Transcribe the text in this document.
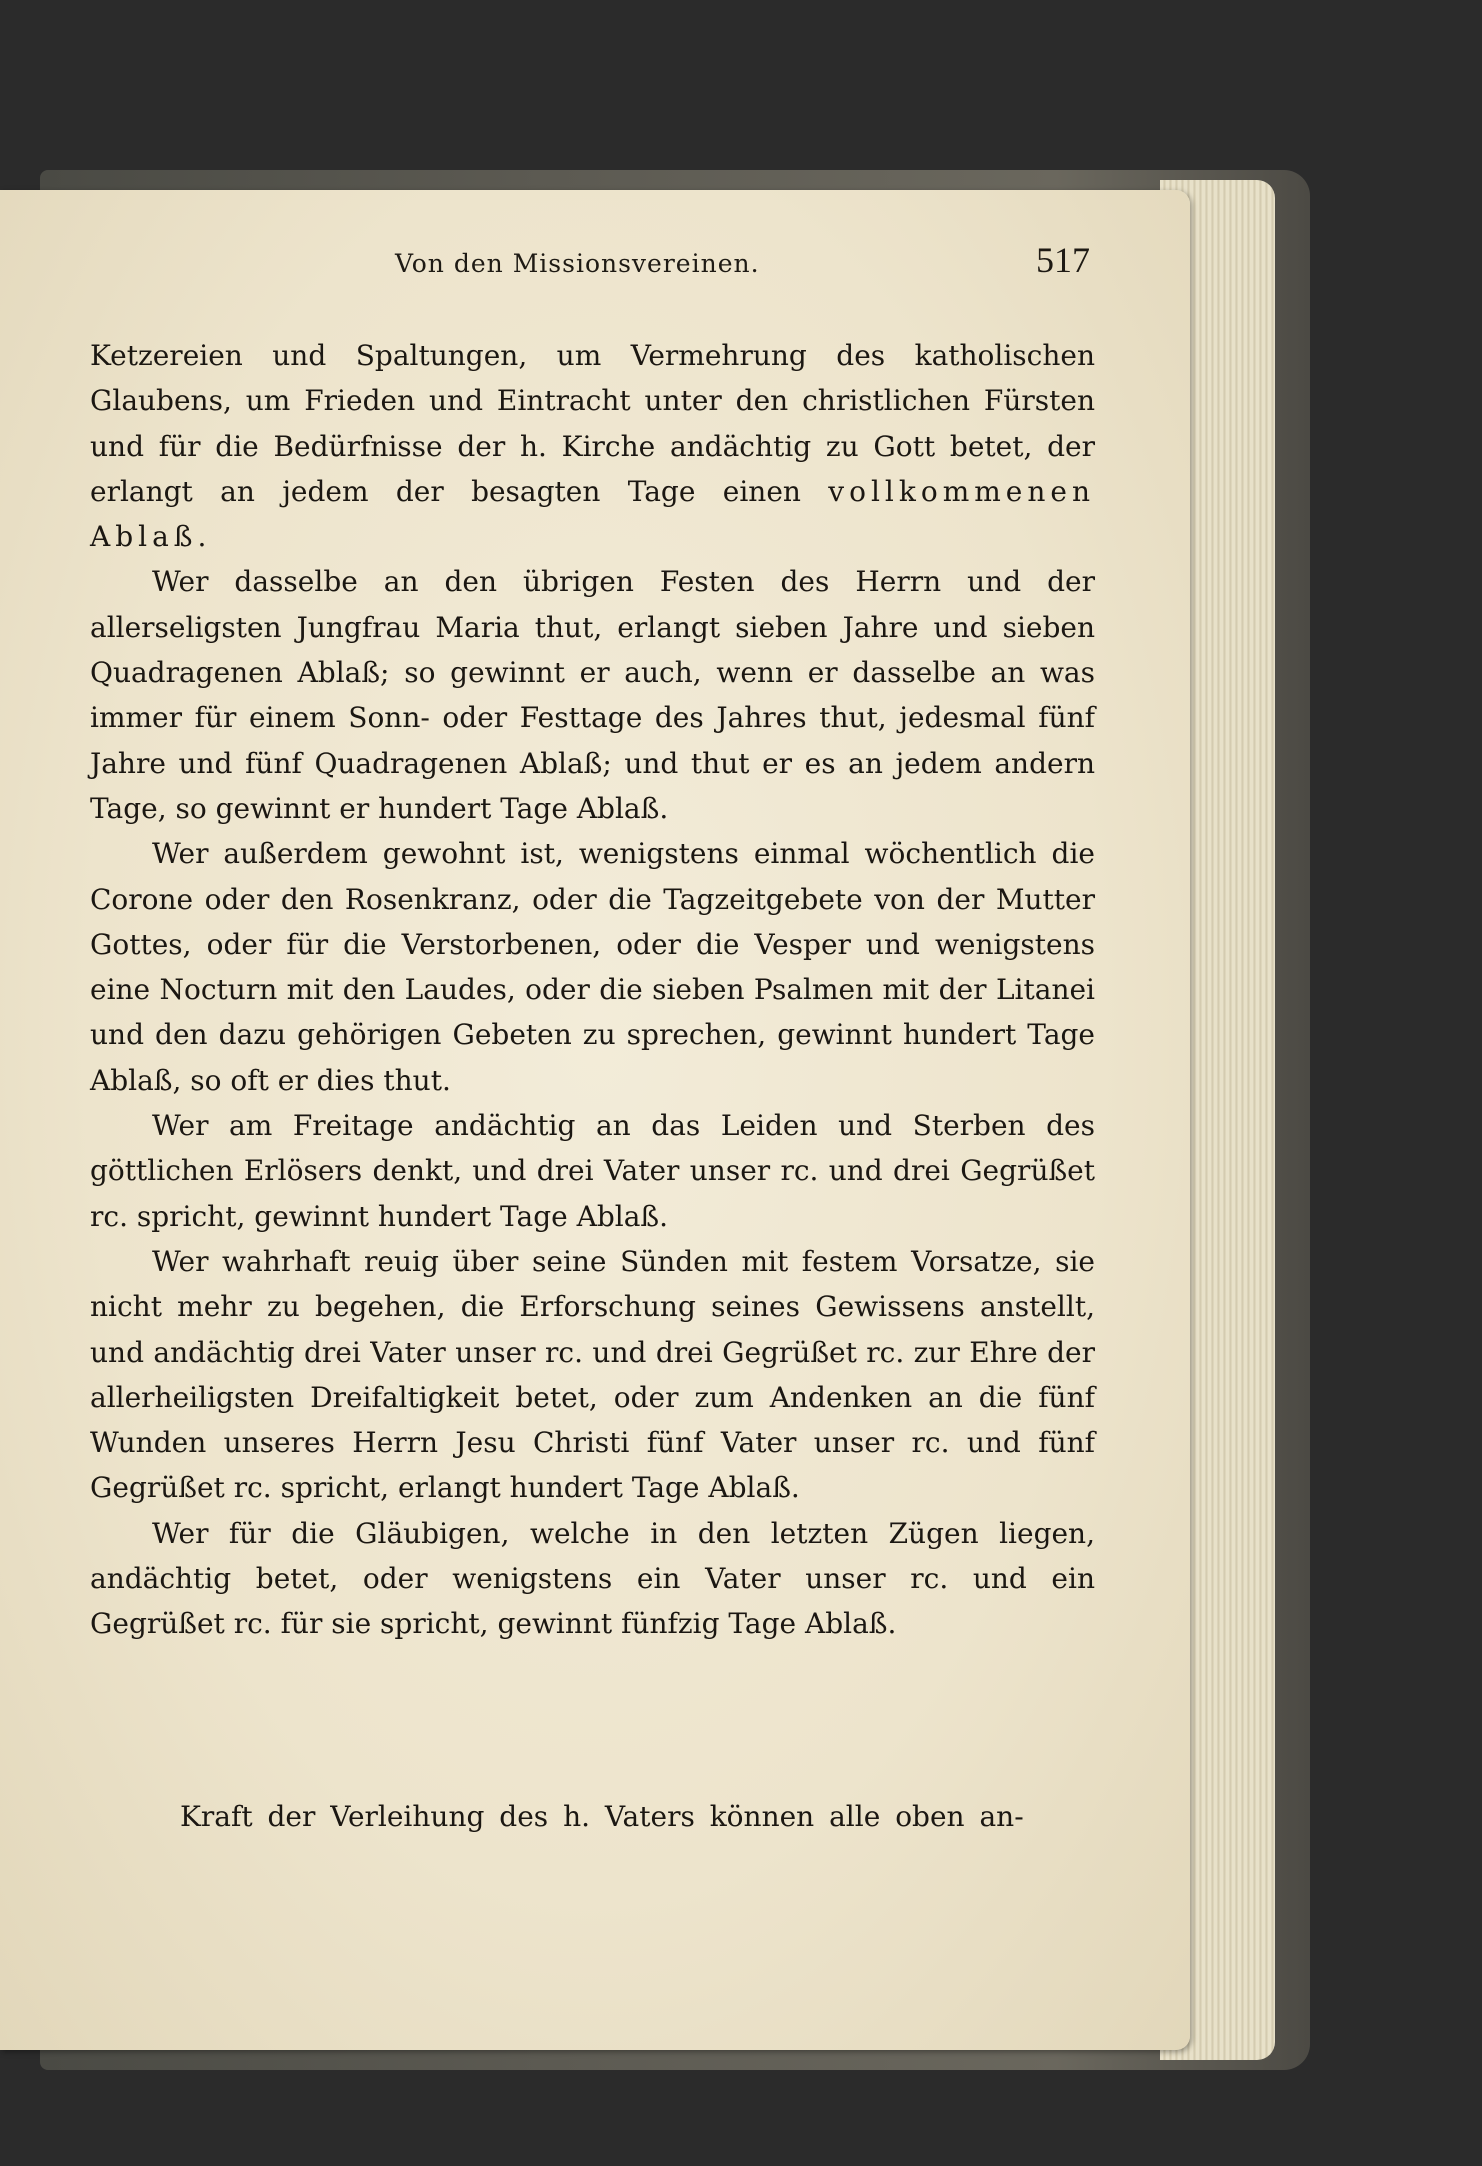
Von den Missionsvereinen.	517

Ketzereien und Spaltungen, um Vermehrung des katholischen Glaubens, um Frieden und Eintracht unter den christlichen Fürsten und für die Bedürfnisse der h. Kirche andächtig zu Gott betet, der erlangt an jedem der besagten Tage einen vollkommenen Ablaß.

Wer dasselbe an den übrigen Festen des Herrn und der allerseligsten Jungfrau Maria thut, erlangt sieben Jahre und sieben Quadragenen Ablaß; so gewinnt er auch, wenn er dasselbe an was immer für einem Sonn- oder Festtage des Jahres thut, jedesmal fünf Jahre und fünf Quadragenen Ablaß; und thut er es an jedem andern Tage, so gewinnt er hundert Tage Ablaß.

Wer außerdem gewohnt ist, wenigstens einmal wöchentlich die Corone oder den Rosenkranz, oder die Tagzeitgebete von der Mutter Gottes, oder für die Verstorbenen, oder die Vesper und wenigstens eine Nocturn mit den Laudes, oder die sieben Psalmen mit der Litanei und den dazu gehörigen Gebeten zu sprechen, gewinnt hundert Tage Ablaß, so oft er dies thut.

Wer am Freitage andächtig an das Leiden und Sterben des göttlichen Erlösers denkt, und drei Vater unser rc. und drei Gegrüßet rc. spricht, gewinnt hundert Tage Ablaß.

Wer wahrhaft reuig über seine Sünden mit festem Vorsatze, sie nicht mehr zu begehen, die Erforschung seines Gewissens anstellt, und andächtig drei Vater unser rc. und drei Gegrüßet rc. zur Ehre der allerheiligsten Dreifaltigkeit betet, oder zum Andenken an die fünf Wunden unseres Herrn Jesu Christi fünf Vater unser rc. und fünf Gegrüßet rc. spricht, erlangt hundert Tage Ablaß.

Wer für die Gläubigen, welche in den letzten Zügen liegen, andächtig betet, oder wenigstens ein Vater unser rc. und ein Gegrüßet rc. für sie spricht, gewinnt fünfzig Tage Ablaß.

Kraft der Verleihung des h. Vaters können alle oben an-
